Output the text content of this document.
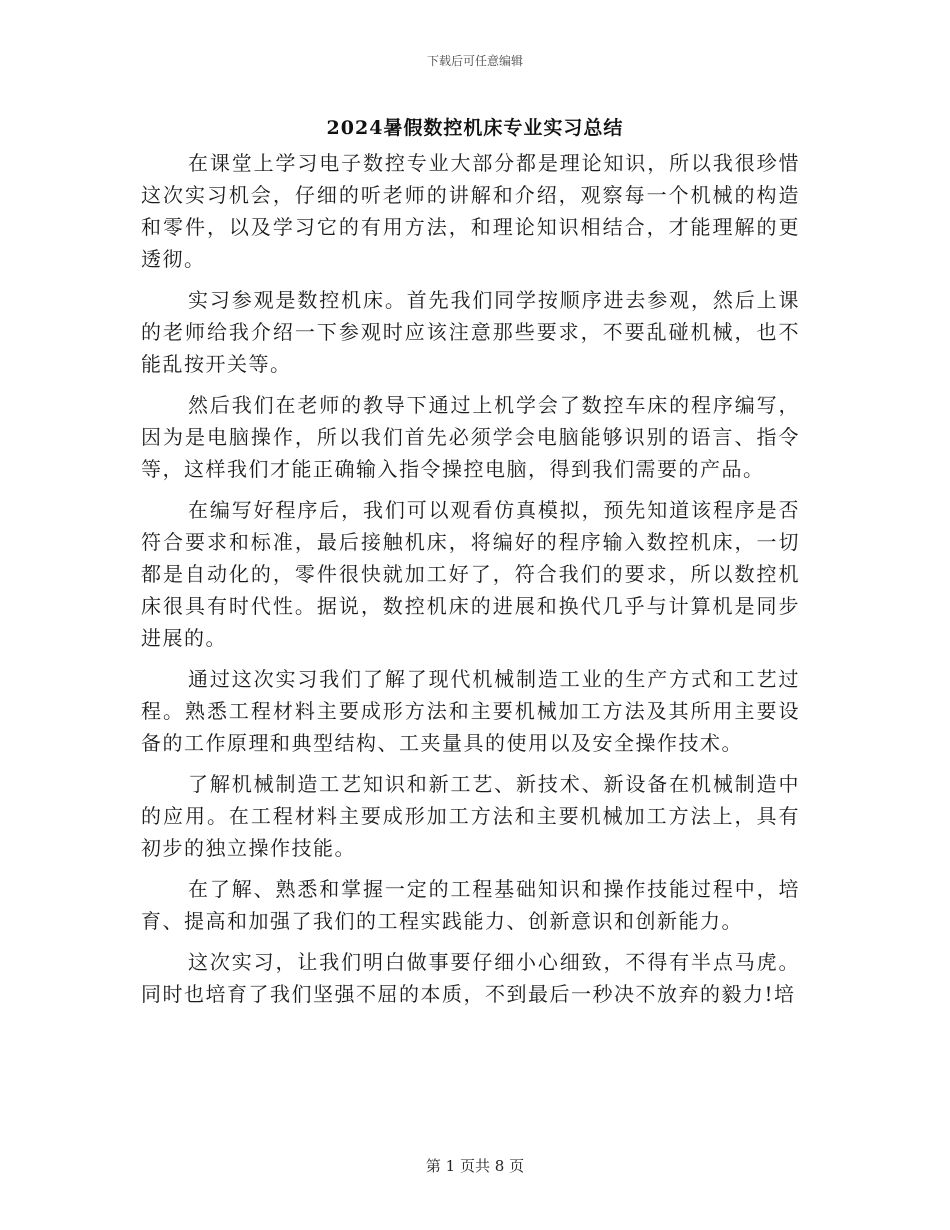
下载后可任意编辑
2024暑假数控机床专业实习总结

在课堂上学习电子数控专业大部分都是理论知识，所以我很珍惜这次实习机会，仔细的听老师的讲解和介绍，观察每一个机械的构造和零件，以及学习它的有用方法，和理论知识相结合，才能理解的更透彻。

实习参观是数控机床。首先我们同学按顺序进去参观，然后上课的老师给我介绍一下参观时应该注意那些要求，不要乱碰机械，也不能乱按开关等。

然后我们在老师的教导下通过上机学会了数控车床的程序编写，因为是电脑操作，所以我们首先必须学会电脑能够识别的语言、指令等，这样我们才能正确输入指令操控电脑，得到我们需要的产品。

在编写好程序后，我们可以观看仿真模拟，预先知道该程序是否符合要求和标准，最后接触机床，将编好的程序输入数控机床，一切都是自动化的，零件很快就加工好了，符合我们的要求，所以数控机床很具有时代性。据说，数控机床的进展和换代几乎与计算机是同步进展的。

通过这次实习我们了解了现代机械制造工业的生产方式和工艺过程。熟悉工程材料主要成形方法和主要机械加工方法及其所用主要设备的工作原理和典型结构、工夹量具的使用以及安全操作技术。

了解机械制造工艺知识和新工艺、新技术、新设备在机械制造中的应用。在工程材料主要成形加工方法和主要机械加工方法上，具有初步的独立操作技能。

在了解、熟悉和掌握一定的工程基础知识和操作技能过程中，培育、提高和加强了我们的工程实践能力、创新意识和创新能力。

这次实习，让我们明白做事要仔细小心细致，不得有半点马虎。同时也培育了我们坚强不屈的本质，不到最后一秒决不放弃的毅力!培

第 1 页共 8 页
